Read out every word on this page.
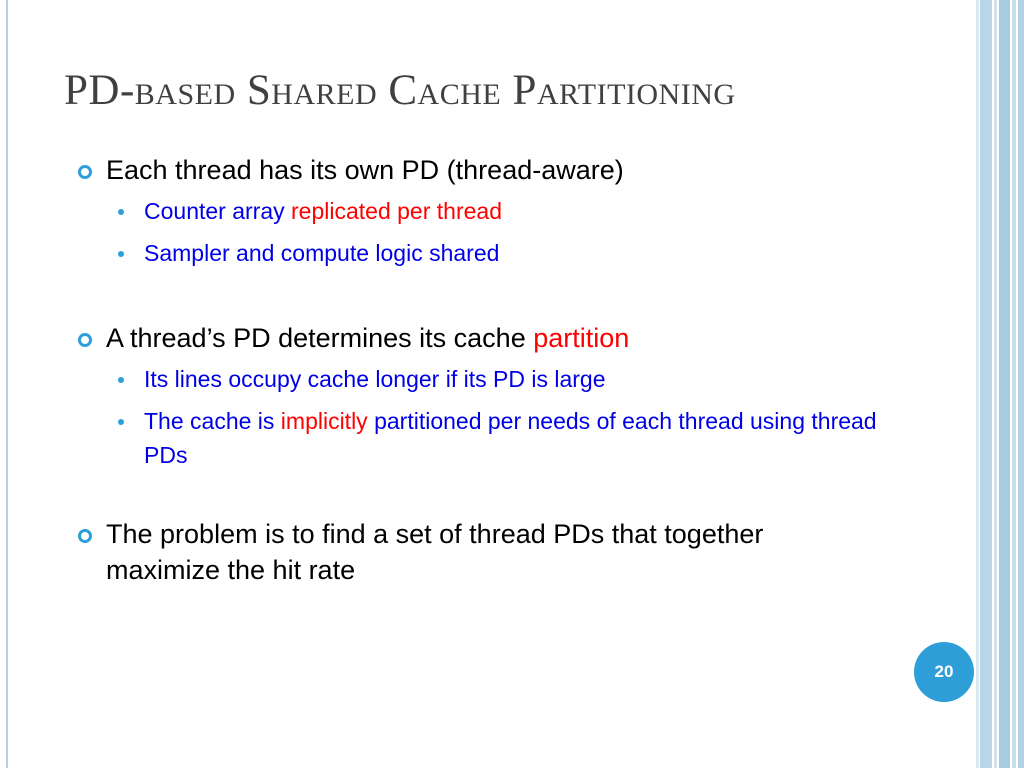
PD-based Shared Cache Partitioning
Each thread has its own PD (thread-aware)
Counter array replicated per thread
Sampler and compute logic shared
A thread’s PD determines its cache partition
Its lines occupy cache longer if its PD is large
The cache is implicitly partitioned per needs of each thread using thread PDs
The problem is to find a set of thread PDs that together maximize the hit rate
20
